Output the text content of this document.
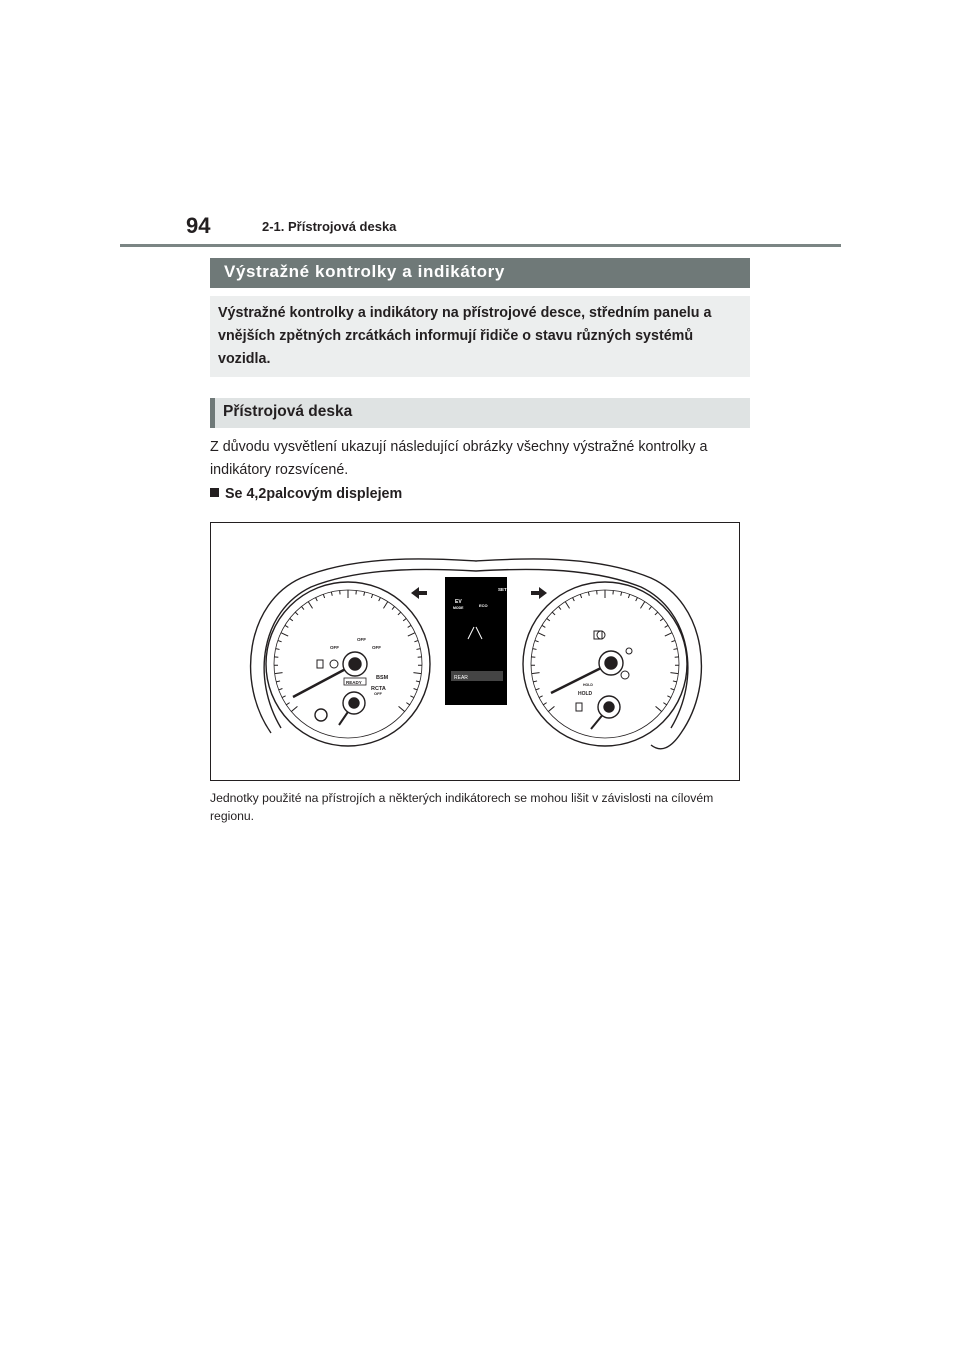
94	2-1. Přístrojová deska
Výstražné kontrolky a indikátory

Výstražné kontrolky a indikátory na přístrojové desce, středním panelu a vnějších zpětných zrcátkách informují řidiče o stavu různých systémů vozidla.

Přístrojová deska

Z důvodu vysvětlení ukazují následující obrázky všechny výstražné kontrolky a indikátory rozsvícené.

Se 4,2palcovým displejem
EV
MODE	ECO
SET
REAR
OFF
OFF
OFF
BSM
RCTA
OFF	HOLD
HOLD
READY

Jednotky použité na přístrojích a některých indikátorech se mohou lišit v závislosti na cílovém regionu.
